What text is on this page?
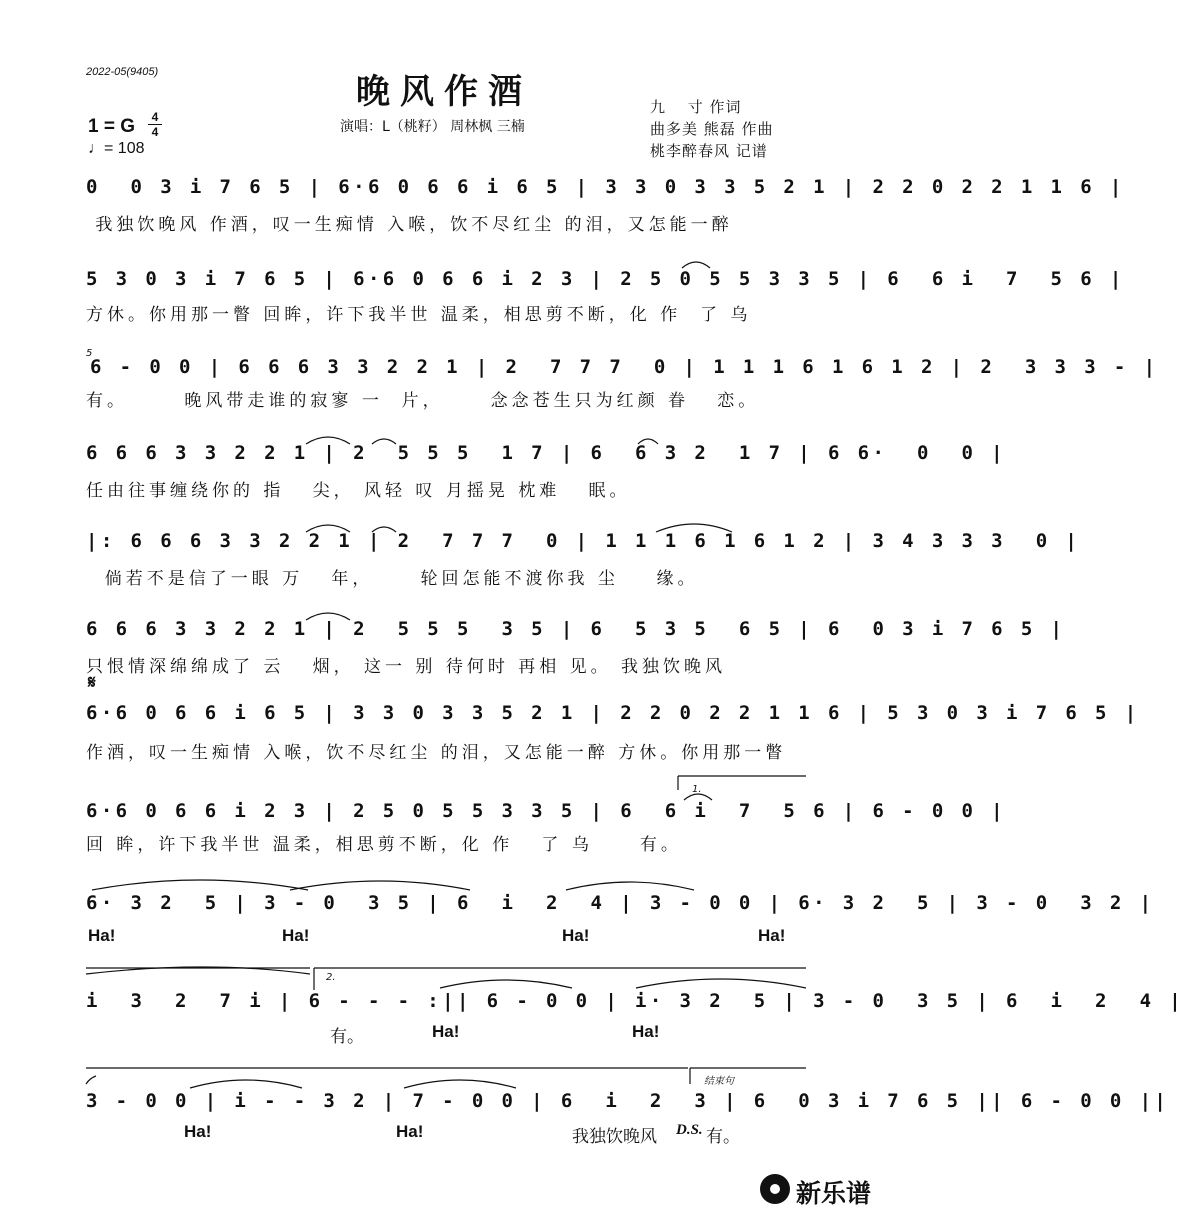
2022-05(9405)	晚风作酒
演唱：L（桃籽） 周林枫 三楠
九　 寸 作词
曲多美 熊磊 作曲
桃李醉春风 记谱
1 = G	4
4
♩= 108
0  0 3 i 7 6 5 | 6·6 0 6 6 i 6 5 | 3 3 0 3 3 5 2 1 | 2 2 0 2 2 1 1 6 |
我独饮晚风 作酒，叹一生痴情 入喉，饮不尽红尘 的泪，又怎能一醉
5 3 0 3 i 7 6 5 | 6·6 0 6 6 i 2 3 | 2 5 0 5 5 3 3 5 | 6  6 i  7  5 6 |
方休。你用那一瞥 回眸，许下我半世 温柔，相思剪不断，化 作  了 乌
5
6 - 0 0 | 6 6 6 3 3 2 2 1 | 2  7 7 7  0 | 1 1 1 6 1 6 1 2 | 2  3 3 3 - |
有。      晚风带走谁的寂寥 一  片，     念念苍生只为红颜 眷   恋。
6 6 6 3 3 2 2 1 | 2  5 5 5  1 7 | 6  6 3 2  1 7 | 6 6·  0  0 |
任由往事缠绕你的 指   尖， 风轻 叹 月摇晃 枕难   眠。
|: 6 6 6 3 3 2 2 1 | 2  7 7 7  0 | 1 1 1 6 1 6 1 2 | 3 4 3 3 3  0 |
倘若不是信了一眼 万   年，     轮回怎能不渡你我 尘    缘。
6 6 6 3 3 2 2 1 | 2  5 5 5  3 5 | 6  5 3 5  6 5 | 6  0 3 i 7 6 5 |
只恨情深绵绵成了 云   烟， 这一 别 待何时 再相 见。 我独饮晚风
𝄋
6·6 0 6 6 i 6 5 | 3 3 0 3 3 5 2 1 | 2 2 0 2 2 1 1 6 | 5 3 0 3 i 7 6 5 |
作酒，叹一生痴情 入喉，饮不尽红尘 的泪，又怎能一醉 方休。你用那一瞥
1.
6·6 0 6 6 i 2 3 | 2 5 0 5 5 3 3 5 | 6  6 i  7  5 6 | 6 - 0 0 |
回 眸，许下我半世 温柔，相思剪不断，化 作   了 乌     有。
6· 3 2  5 | 3 - 0  3 5 | 6  i  2  4 | 3 - 0 0 | 6· 3 2  5 | 3 - 0  3 2 |
Ha!	Ha!	Ha!	Ha!
2.
i  3  2  7 i | 6 - - - :|| 6 - 0 0 | i· 3 2  5 | 3 - 0  3 5 | 6  i  2  4 |
有。	Ha!	Ha!
结束句
3 - 0 0 | i - - 3 2 | 7 - 0 0 | 6  i  2  3 | 6  0 3 i 7 6 5 || 6 - 0 0 ||
Ha!	Ha!	我独饮晚风 D.S. 有。
新乐谱
